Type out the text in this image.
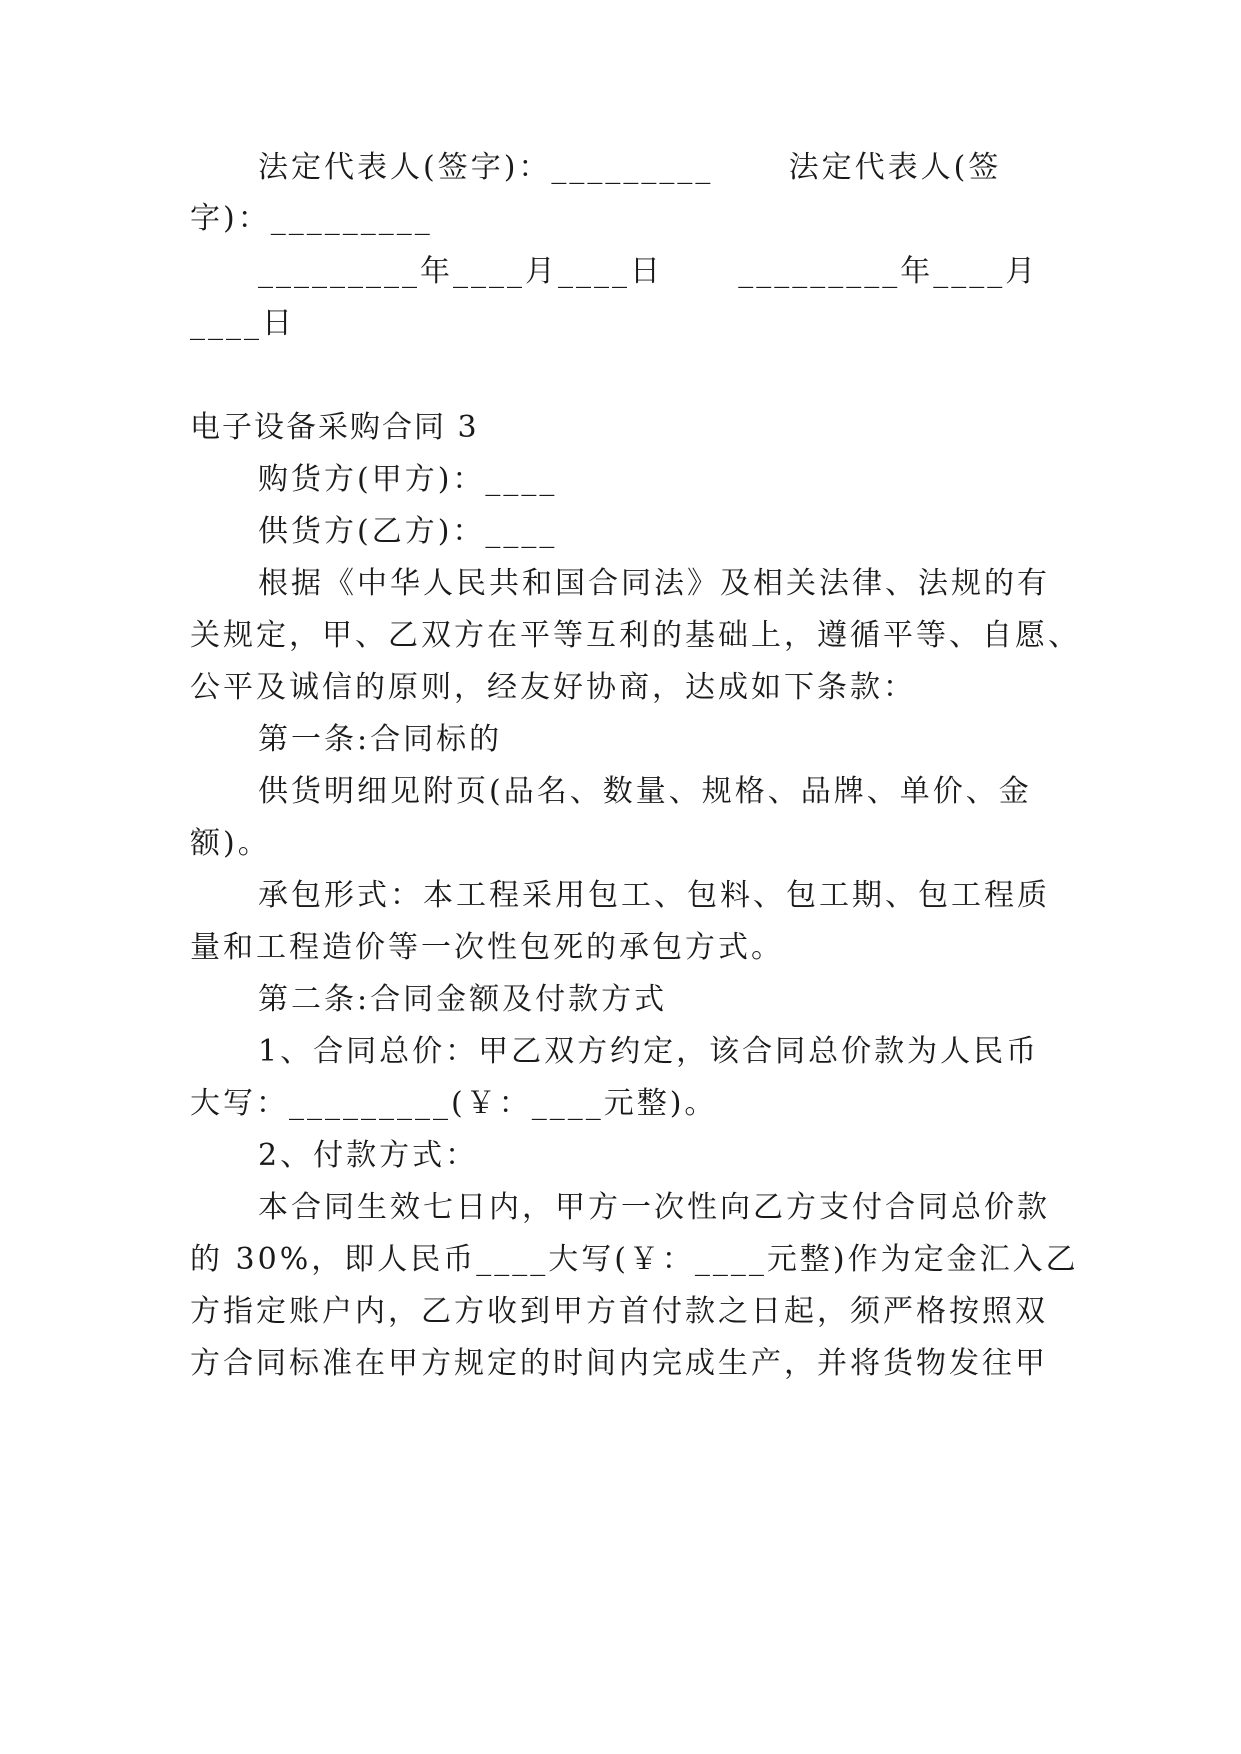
法定代表人(签字)：_________      法定代表人(签
字)：_________
_________年____月____日      _________年____月
____日
电子设备采购合同 3
购货方(甲方)：____
供货方(乙方)：____
根据《中华人民共和国合同法》及相关法律、法规的有
关规定，甲、乙双方在平等互利的基础上，遵循平等、自愿、
公平及诚信的原则，经友好协商，达成如下条款：
第一条:合同标的
供货明细见附页(品名、数量、规格、品牌、单价、金
额)。
承包形式：本工程采用包工、包料、包工期、包工程质
量和工程造价等一次性包死的承包方式。
第二条:合同金额及付款方式
1、合同总价：甲乙双方约定，该合同总价款为人民币
大写：_________(￥：____元整)。
2、付款方式：
本合同生效七日内，甲方一次性向乙方支付合同总价款
的 30%，即人民币____大写(￥：____元整)作为定金汇入乙
方指定账户内，乙方收到甲方首付款之日起，须严格按照双
方合同标准在甲方规定的时间内完成生产，并将货物发往甲
